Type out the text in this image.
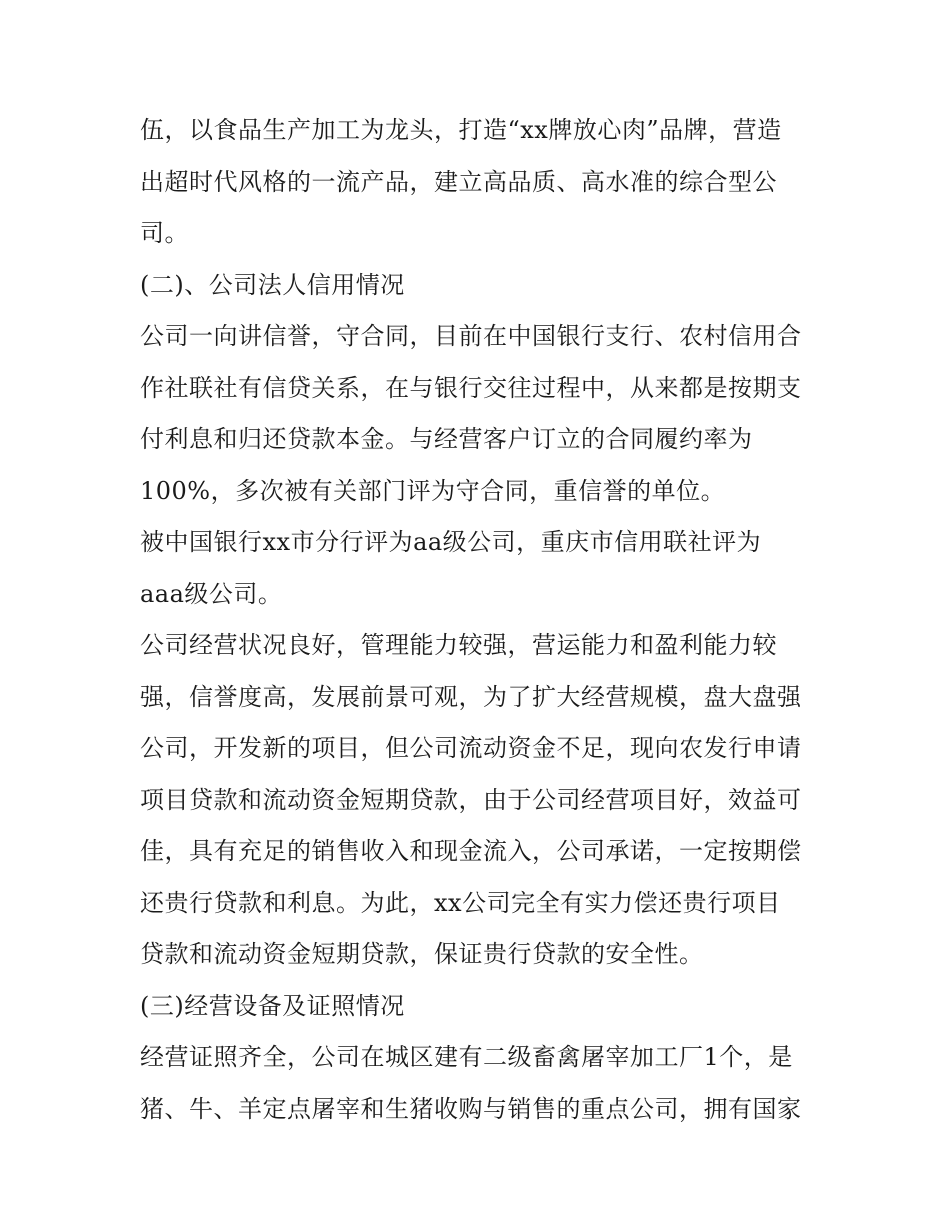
伍，以食品生产加工为龙头，打造“xx牌放心肉”品牌，营造
出超时代风格的一流产品，建立高品质、高水准的综合型公
司。
(二)、公司法人信用情况
公司一向讲信誉，守合同，目前在中国银行支行、农村信用合
作社联社有信贷关系，在与银行交往过程中，从来都是按期支
付利息和归还贷款本金。与经营客户订立的合同履约率为
100%，多次被有关部门评为守合同，重信誉的单位。
被中国银行xx市分行评为aa级公司，重庆市信用联社评为
aaa级公司。
公司经营状况良好，管理能力较强，营运能力和盈利能力较
强，信誉度高，发展前景可观，为了扩大经营规模，盘大盘强
公司，开发新的项目，但公司流动资金不足，现向农发行申请
项目贷款和流动资金短期贷款，由于公司经营项目好，效益可
佳，具有充足的销售收入和现金流入，公司承诺，一定按期偿
还贵行贷款和利息。为此，xx公司完全有实力偿还贵行项目
贷款和流动资金短期贷款，保证贵行贷款的安全性。
(三)经营设备及证照情况
经营证照齐全，公司在城区建有二级畜禽屠宰加工厂1个，是
猪、牛、羊定点屠宰和生猪收购与销售的重点公司，拥有国家
